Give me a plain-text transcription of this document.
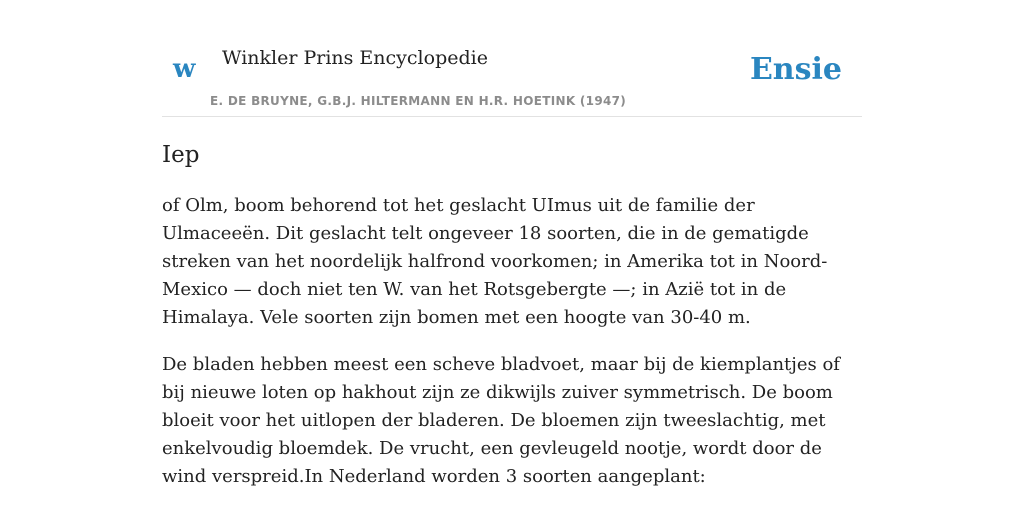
w Winkler Prins Encyclopedie
E. DE BRUYNE, G.B.J. HILTERMANN EN H.R. HOETINK (1947)
Ensie
Iep

of Olm, boom behorend tot het geslacht UImus uit de familie der Ulmaceeën. Dit geslacht telt ongeveer 18 soorten, die in de gematigde streken van het noordelijk halfrond voorkomen; in Amerika tot in Noord-Mexico — doch niet ten W. van het Rotsgebergte —; in Azië tot in de Himalaya. Vele soorten zijn bomen met een hoogte van 30-40 m.

De bladen hebben meest een scheve bladvoet, maar bij de kiemplantjes of bij nieuwe loten op hakhout zijn ze dikwijls zuiver symmetrisch. De boom bloeit voor het uitlopen der bladeren. De bloemen zijn tweeslachtig, met enkelvoudig bloemdek. De vrucht, een gevleugeld nootje, wordt door de wind verspreid.In Nederland worden 3 soorten aangeplant:
